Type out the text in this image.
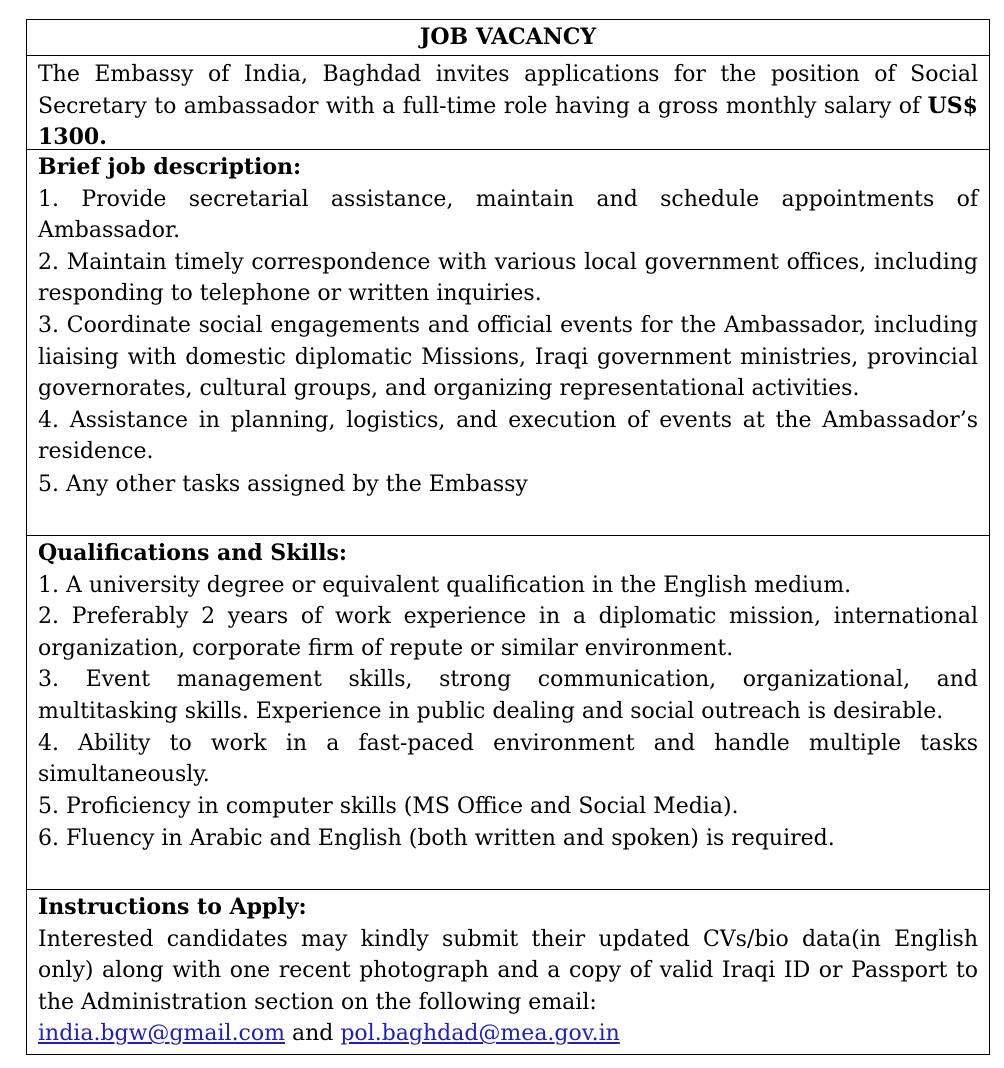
JOB VACANCY

The Embassy of India, Baghdad invites applications for the position of Social Secretary to ambassador with a full-time role having a gross monthly salary of US$ 1300.

Brief job description:

1. Provide secretarial assistance, maintain and schedule appointments of Ambassador.

2. Maintain timely correspondence with various local government offices, including responding to telephone or written inquiries.

3. Coordinate social engagements and official events for the Ambassador, including liaising with domestic diplomatic Missions, Iraqi government ministries, provincial governorates, cultural groups, and organizing representational activities.

4. Assistance in planning, logistics, and execution of events at the Ambassador’s residence.

5. Any other tasks assigned by the Embassy

Qualifications and Skills:

1. A university degree or equivalent qualification in the English medium.

2. Preferably 2 years of work experience in a diplomatic mission, international organization, corporate firm of repute or similar environment.

3. Event management skills, strong communication, organizational, and multitasking skills. Experience in public dealing and social outreach is desirable.

4. Ability to work in a fast-paced environment and handle multiple tasks simultaneously.

5. Proficiency in computer skills (MS Office and Social Media).

6. Fluency in Arabic and English (both written and spoken) is required.

Instructions to Apply:

Interested candidates may kindly submit their updated CVs/bio data(in English only) along with one recent photograph and a copy of valid Iraqi ID or Passport to the Administration section on the following email:

india.bgw@gmail.com and pol.baghdad@mea.gov.in
